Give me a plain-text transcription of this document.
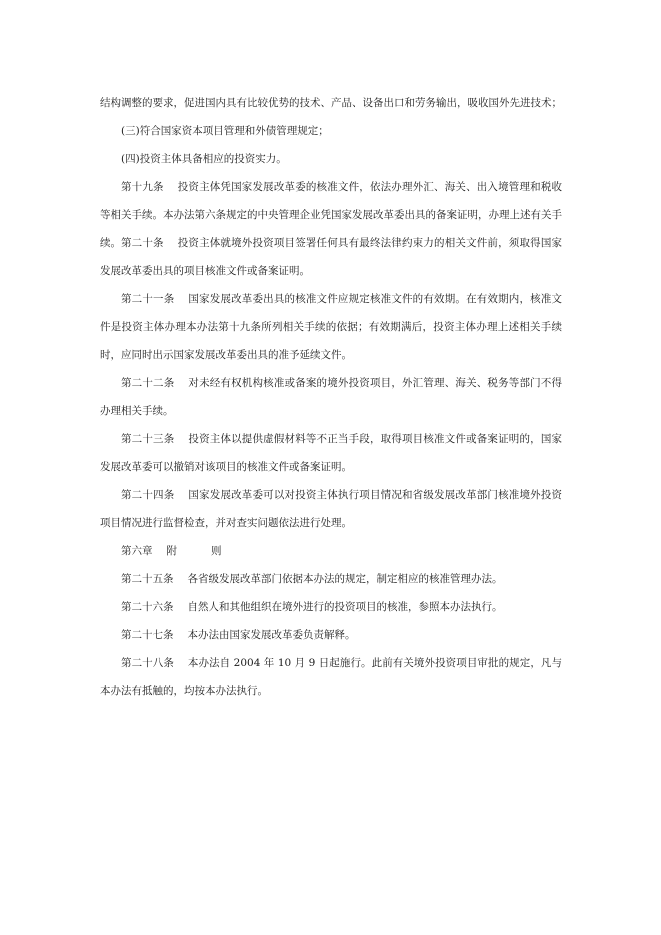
结构调整的要求，促进国内具有比较优势的技术、产品、设备出口和劳务输出，吸收国外先进技术；

(三)符合国家资本项目管理和外债管理规定；

(四)投资主体具备相应的投资实力。

第十九条 投资主体凭国家发展改革委的核准文件，依法办理外汇、海关、出入境管理和税收等相关手续。本办法第六条规定的中央管理企业凭国家发展改革委出具的备案证明，办理上述有关手续。 第二十条 投资主体就境外投资项目签署任何具有最终法律约束力的相关文件前，须取得国家发展改革委出具的项目核准文件或备案证明。

第二十一条 国家发展改革委出具的核准文件应规定核准文件的有效期。在有效期内，核准文件是投资主体办理本办法第十九条所列相关手续的依据；有效期满后，投资主体办理上述相关手续时，应同时出示国家发展改革委出具的准予延续文件。

第二十二条 对未经有权机构核准或备案的境外投资项目，外汇管理、海关、税务等部门不得办理相关手续。

第二十三条 投资主体以提供虚假材料等不正当手段，取得项目核准文件或备案证明的，国家发展改革委可以撤销对该项目的核准文件或备案证明。

第二十四条 国家发展改革委可以对投资主体执行项目情况和省级发展改革部门核准境外投资项目情况进行监督检查，并对查实问题依法进行处理。

第六章 附	则

第二十五条 各省级发展改革部门依据本办法的规定，制定相应的核准管理办法。

第二十六条 自然人和其他组织在境外进行的投资项目的核准，参照本办法执行。

第二十七条 本办法由国家发展改革委负责解释。

第二十八条 本办法自 2004 年 10 月 9 日起施行。此前有关境外投资项目审批的规定，凡与本办法有抵触的，均按本办法执行。
